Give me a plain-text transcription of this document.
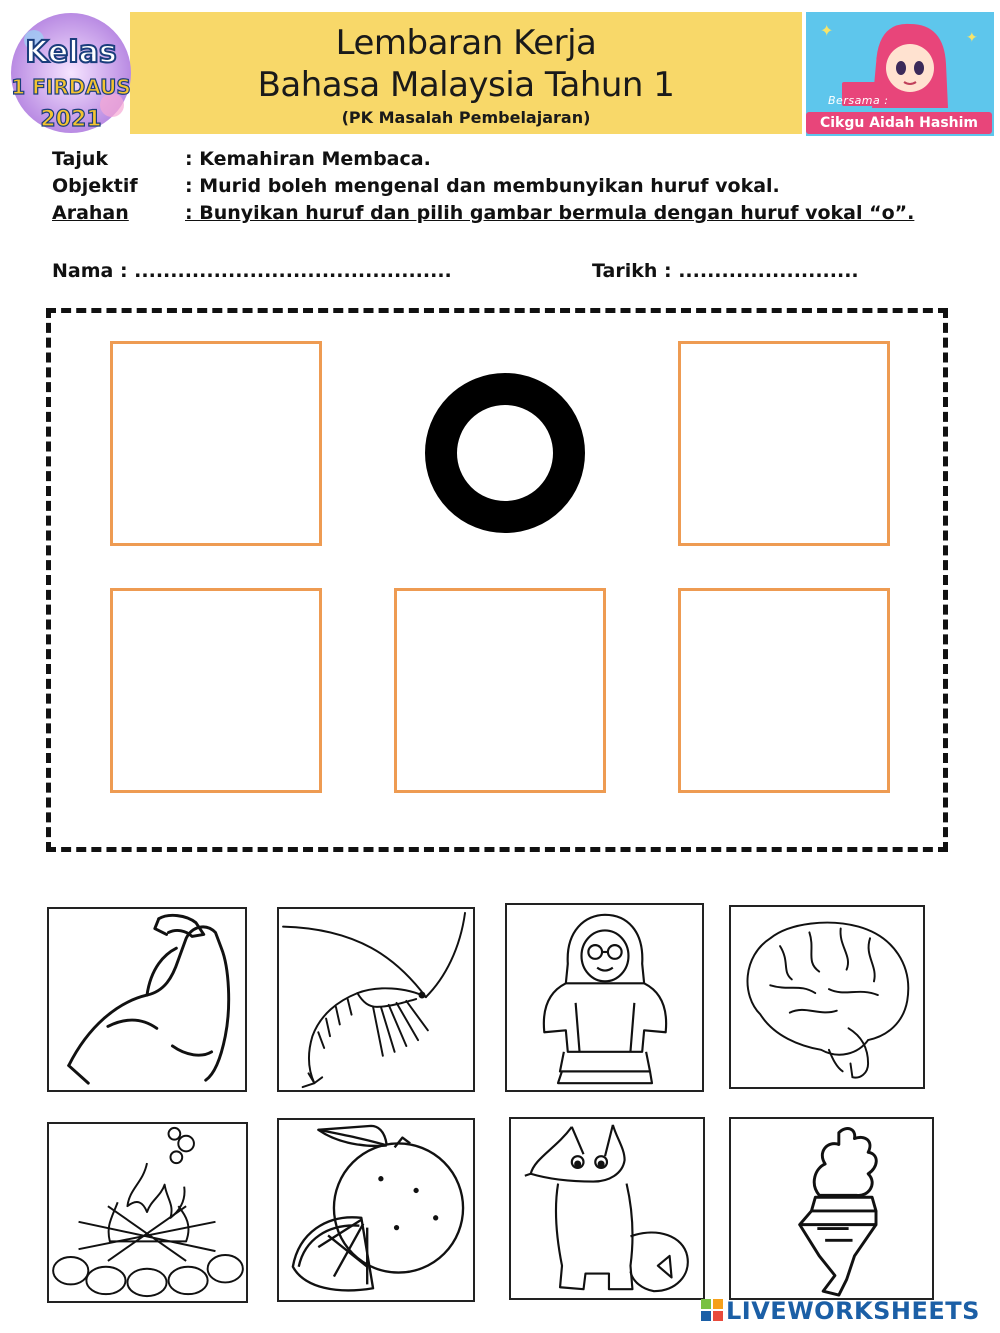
Kelas
1 FIRDAUS
2021
Lembaran Kerja
Bahasa Malaysia Tahun 1
(PK Masalah Pembelajaran)
✦	✦
Bersama :
Cikgu Aidah Hashim
Tajuk	: Kemahiran Membaca.
Objektif : Murid boleh mengenal dan membunyikan huruf vokal.
Arahan	: Bunyikan huruf dan pilih gambar bermula dengan huruf vokal “o”.
Nama : ............................................	Tarikh : .........................
LIVEWORKSHEETS
